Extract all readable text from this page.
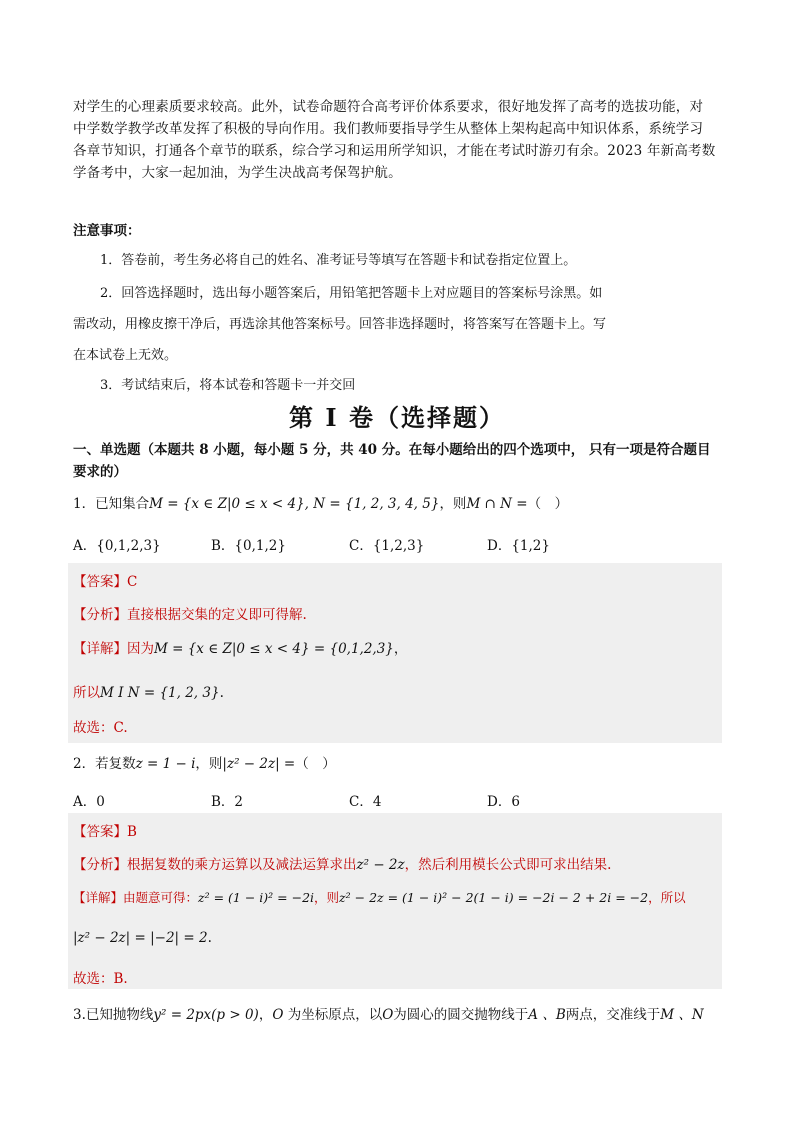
对学生的心理素质要求较高。此外，试卷命题符合高考评价体系要求，很好地发挥了高考的选拔功能，对
中学数学教学改革发挥了积极的导向作用。我们教师要指导学生从整体上架构起高中知识体系，系统学习
各章节知识，打通各个章节的联系，综合学习和运用所学知识，才能在考试时游刃有余。2023 年新高考数
学备考中，大家一起加油，为学生决战高考保驾护航。
注意事项：
1．答卷前，考生务必将自己的姓名、准考证号等填写在答题卡和试卷指定位置上。
2．回答选择题时，选出每小题答案后，用铅笔把答题卡上对应题目的答案标号涂黑。如
需改动，用橡皮擦干净后，再选涂其他答案标号。回答非选择题时，将答案写在答题卡上。写
在本试卷上无效。
3．考试结束后，将本试卷和答题卡一并交回
第 I 卷（选择题）
一、单选题（本题共 8 小题，每小题 5 分，共 40 分。在每小题给出的四个选项中， 只有一项是符合题目要求的）
1．已知集合M = {x ∈ Z|0 ≤ x < 4}, N = {1, 2, 3, 4, 5}，则M ∩ N =（　）
A．{0,1,2,3}	B．{0,1,2}	C．{1,2,3}	D．{1,2}
【答案】C
【分析】直接根据交集的定义即可得解.
【详解】因为M = {x ∈ Z|0 ≤ x < 4} = {0,1,2,3}，
所以M I N = {1, 2, 3}.
故选：C.
2．若复数z = 1 − i，则|z² − 2z| =（　）
A．0	B．2	C．4	D．6
【答案】B
【分析】根据复数的乘方运算以及减法运算求出z² − 2z，然后利用模长公式即可求出结果.
【详解】由题意可得：z² = (1 − i)² = −2i，则z² − 2z = (1 − i)² − 2(1 − i) = −2i − 2 + 2i = −2，所以
|z² − 2z| = |−2| = 2.
故选：B.
3.已知抛物线y² = 2px(p > 0)，O 为坐标原点，以O为圆心的圆交抛物线于A 、B两点，交准线于M 、N
